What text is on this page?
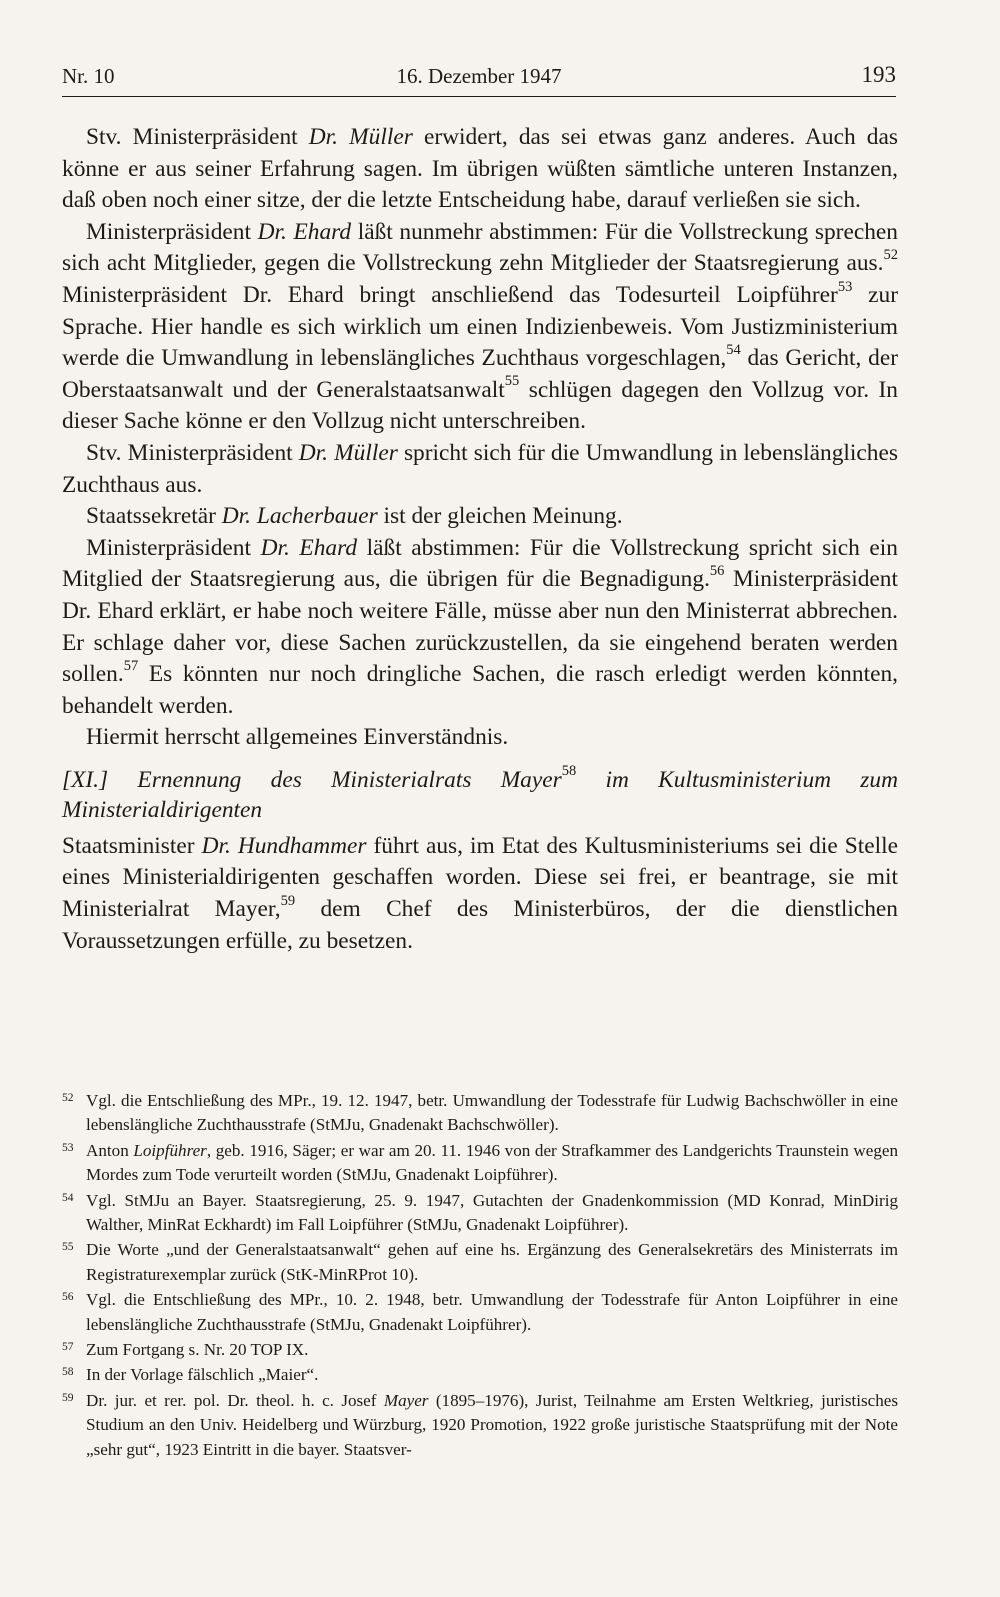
Nr. 10	16. Dezember 1947	193

Stv. Ministerpräsident Dr. Müller erwidert, das sei etwas ganz anderes. Auch das könne er aus seiner Erfahrung sagen. Im übrigen wüßten sämtliche unteren Instanzen, daß oben noch einer sitze, der die letzte Entscheidung habe, darauf verließen sie sich.

Ministerpräsident Dr. Ehard läßt nunmehr abstimmen: Für die Vollstreckung sprechen sich acht Mitglieder, gegen die Vollstreckung zehn Mitglieder der Staatsregierung aus.$^{52}$ Ministerpräsident Dr. Ehard bringt anschließend das Todesurteil Loipführer$^{53}$ zur Sprache. Hier handle es sich wirklich um einen Indizienbeweis. Vom Justizministerium werde die Umwandlung in lebenslängliches Zuchthaus vorgeschlagen,$^{54}$ das Gericht, der Oberstaatsanwalt und der Generalstaatsanwalt$^{55}$ schlügen dagegen den Vollzug vor. In dieser Sache könne er den Vollzug nicht unterschreiben.

Stv. Ministerpräsident Dr. Müller spricht sich für die Umwandlung in lebenslängliches Zuchthaus aus.

Staatssekretär Dr. Lacherbauer ist der gleichen Meinung.

Ministerpräsident Dr. Ehard läßt abstimmen: Für die Vollstreckung spricht sich ein Mitglied der Staatsregierung aus, die übrigen für die Begnadigung.$^{56}$ Ministerpräsident Dr. Ehard erklärt, er habe noch weitere Fälle, müsse aber nun den Ministerrat abbrechen. Er schlage daher vor, diese Sachen zurückzustellen, da sie eingehend beraten werden sollen.$^{57}$ Es könnten nur noch dringliche Sachen, die rasch erledigt werden könnten, behandelt werden.

Hiermit herrscht allgemeines Einverständnis.

[XI.] Ernennung des Ministerialrats Mayer$^{58}$ im Kultusministerium zum Ministerialdirigenten

Staatsminister Dr. Hundhammer führt aus, im Etat des Kultusministeriums sei die Stelle eines Ministerialdirigenten geschaffen worden. Diese sei frei, er beantrage, sie mit Ministerialrat Mayer,$^{59}$ dem Chef des Ministerbüros, der die dienstlichen Voraussetzungen erfülle, zu besetzen.

52 Vgl. die Entschließung des MPr., 19. 12. 1947, betr. Umwandlung der Todesstrafe für Ludwig Bachschwöller in eine lebenslängliche Zuchthausstrafe (StMJu, Gnadenakt Bachschwöller).

53 Anton Loipführer, geb. 1916, Säger; er war am 20. 11. 1946 von der Strafkammer des Landgerichts Traunstein wegen Mordes zum Tode verurteilt worden (StMJu, Gnadenakt Loipführer).

54 Vgl. StMJu an Bayer. Staatsregierung, 25. 9. 1947, Gutachten der Gnadenkommission (MD Konrad, MinDirig Walther, MinRat Eckhardt) im Fall Loipführer (StMJu, Gnadenakt Loipführer).

55 Die Worte „und der Generalstaatsanwalt“ gehen auf eine hs. Ergänzung des Generalsekretärs des Ministerrats im Registraturexemplar zurück (StK-MinRProt 10).

56 Vgl. die Entschließung des MPr., 10. 2. 1948, betr. Umwandlung der Todesstrafe für Anton Loipführer in eine lebenslängliche Zuchthausstrafe (StMJu, Gnadenakt Loipführer).

57 Zum Fortgang s. Nr. 20 TOP IX.

58 In der Vorlage fälschlich „Maier“.

59 Dr. jur. et rer. pol. Dr. theol. h. c. Josef Mayer (1895–1976), Jurist, Teilnahme am Ersten Weltkrieg, juristisches Studium an den Univ. Heidelberg und Würzburg, 1920 Promotion, 1922 große juristische Staatsprüfung mit der Note „sehr gut“, 1923 Eintritt in die bayer. Staatsver-
